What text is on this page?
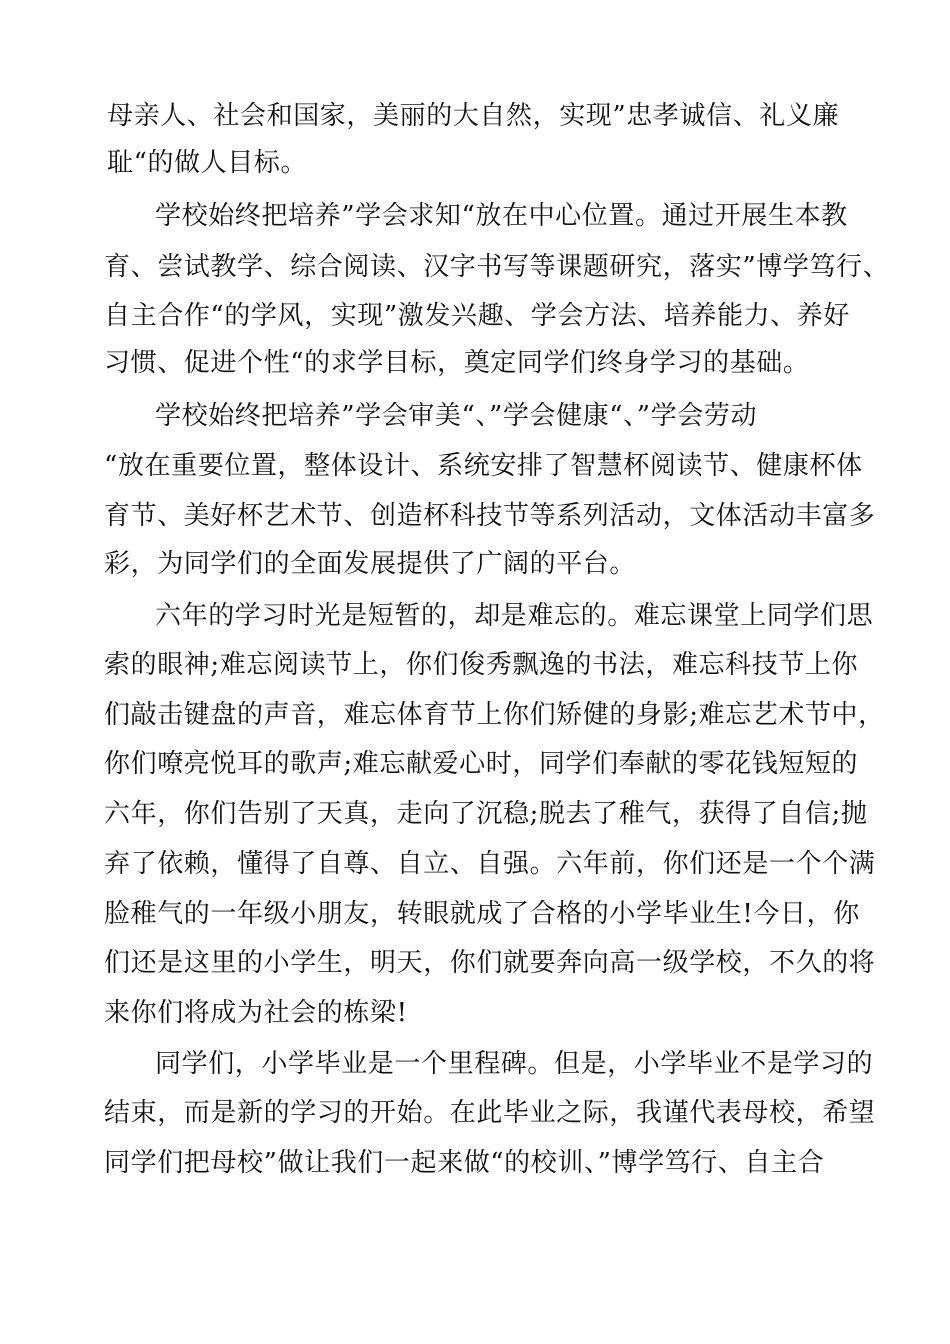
母亲人、社会和国家，美丽的大自然，实现”忠孝诚信、礼义廉
耻“的做人目标。
学校始终把培养”学会求知“放在中心位置。通过开展生本教
育、尝试教学、综合阅读、汉字书写等课题研究，落实”博学笃行、
自主合作“的学风，实现”激发兴趣、学会方法、培养能力、养好
习惯、促进个性“的求学目标，奠定同学们终身学习的基础。
学校始终把培养”学会审美“、”学会健康“、”学会劳动
“放在重要位置，整体设计、系统安排了智慧杯阅读节、健康杯体
育节、美好杯艺术节、创造杯科技节等系列活动，文体活动丰富多
彩，为同学们的全面发展提供了广阔的平台。
六年的学习时光是短暂的，却是难忘的。难忘课堂上同学们思
索的眼神;难忘阅读节上，你们俊秀飘逸的书法，难忘科技节上你
们敲击键盘的声音，难忘体育节上你们矫健的身影;难忘艺术节中，
你们嘹亮悦耳的歌声;难忘献爱心时，同学们奉献的零花钱短短的
六年，你们告别了天真，走向了沉稳;脱去了稚气，获得了自信;抛
弃了依赖，懂得了自尊、自立、自强。六年前，你们还是一个个满
脸稚气的一年级小朋友，转眼就成了合格的小学毕业生!今日，你
们还是这里的小学生，明天，你们就要奔向高一级学校，不久的将
来你们将成为社会的栋梁!
同学们，小学毕业是一个里程碑。但是，小学毕业不是学习的
结束，而是新的学习的开始。在此毕业之际，我谨代表母校，希望
同学们把母校”做让我们一起来做“的校训、”博学笃行、自主合
